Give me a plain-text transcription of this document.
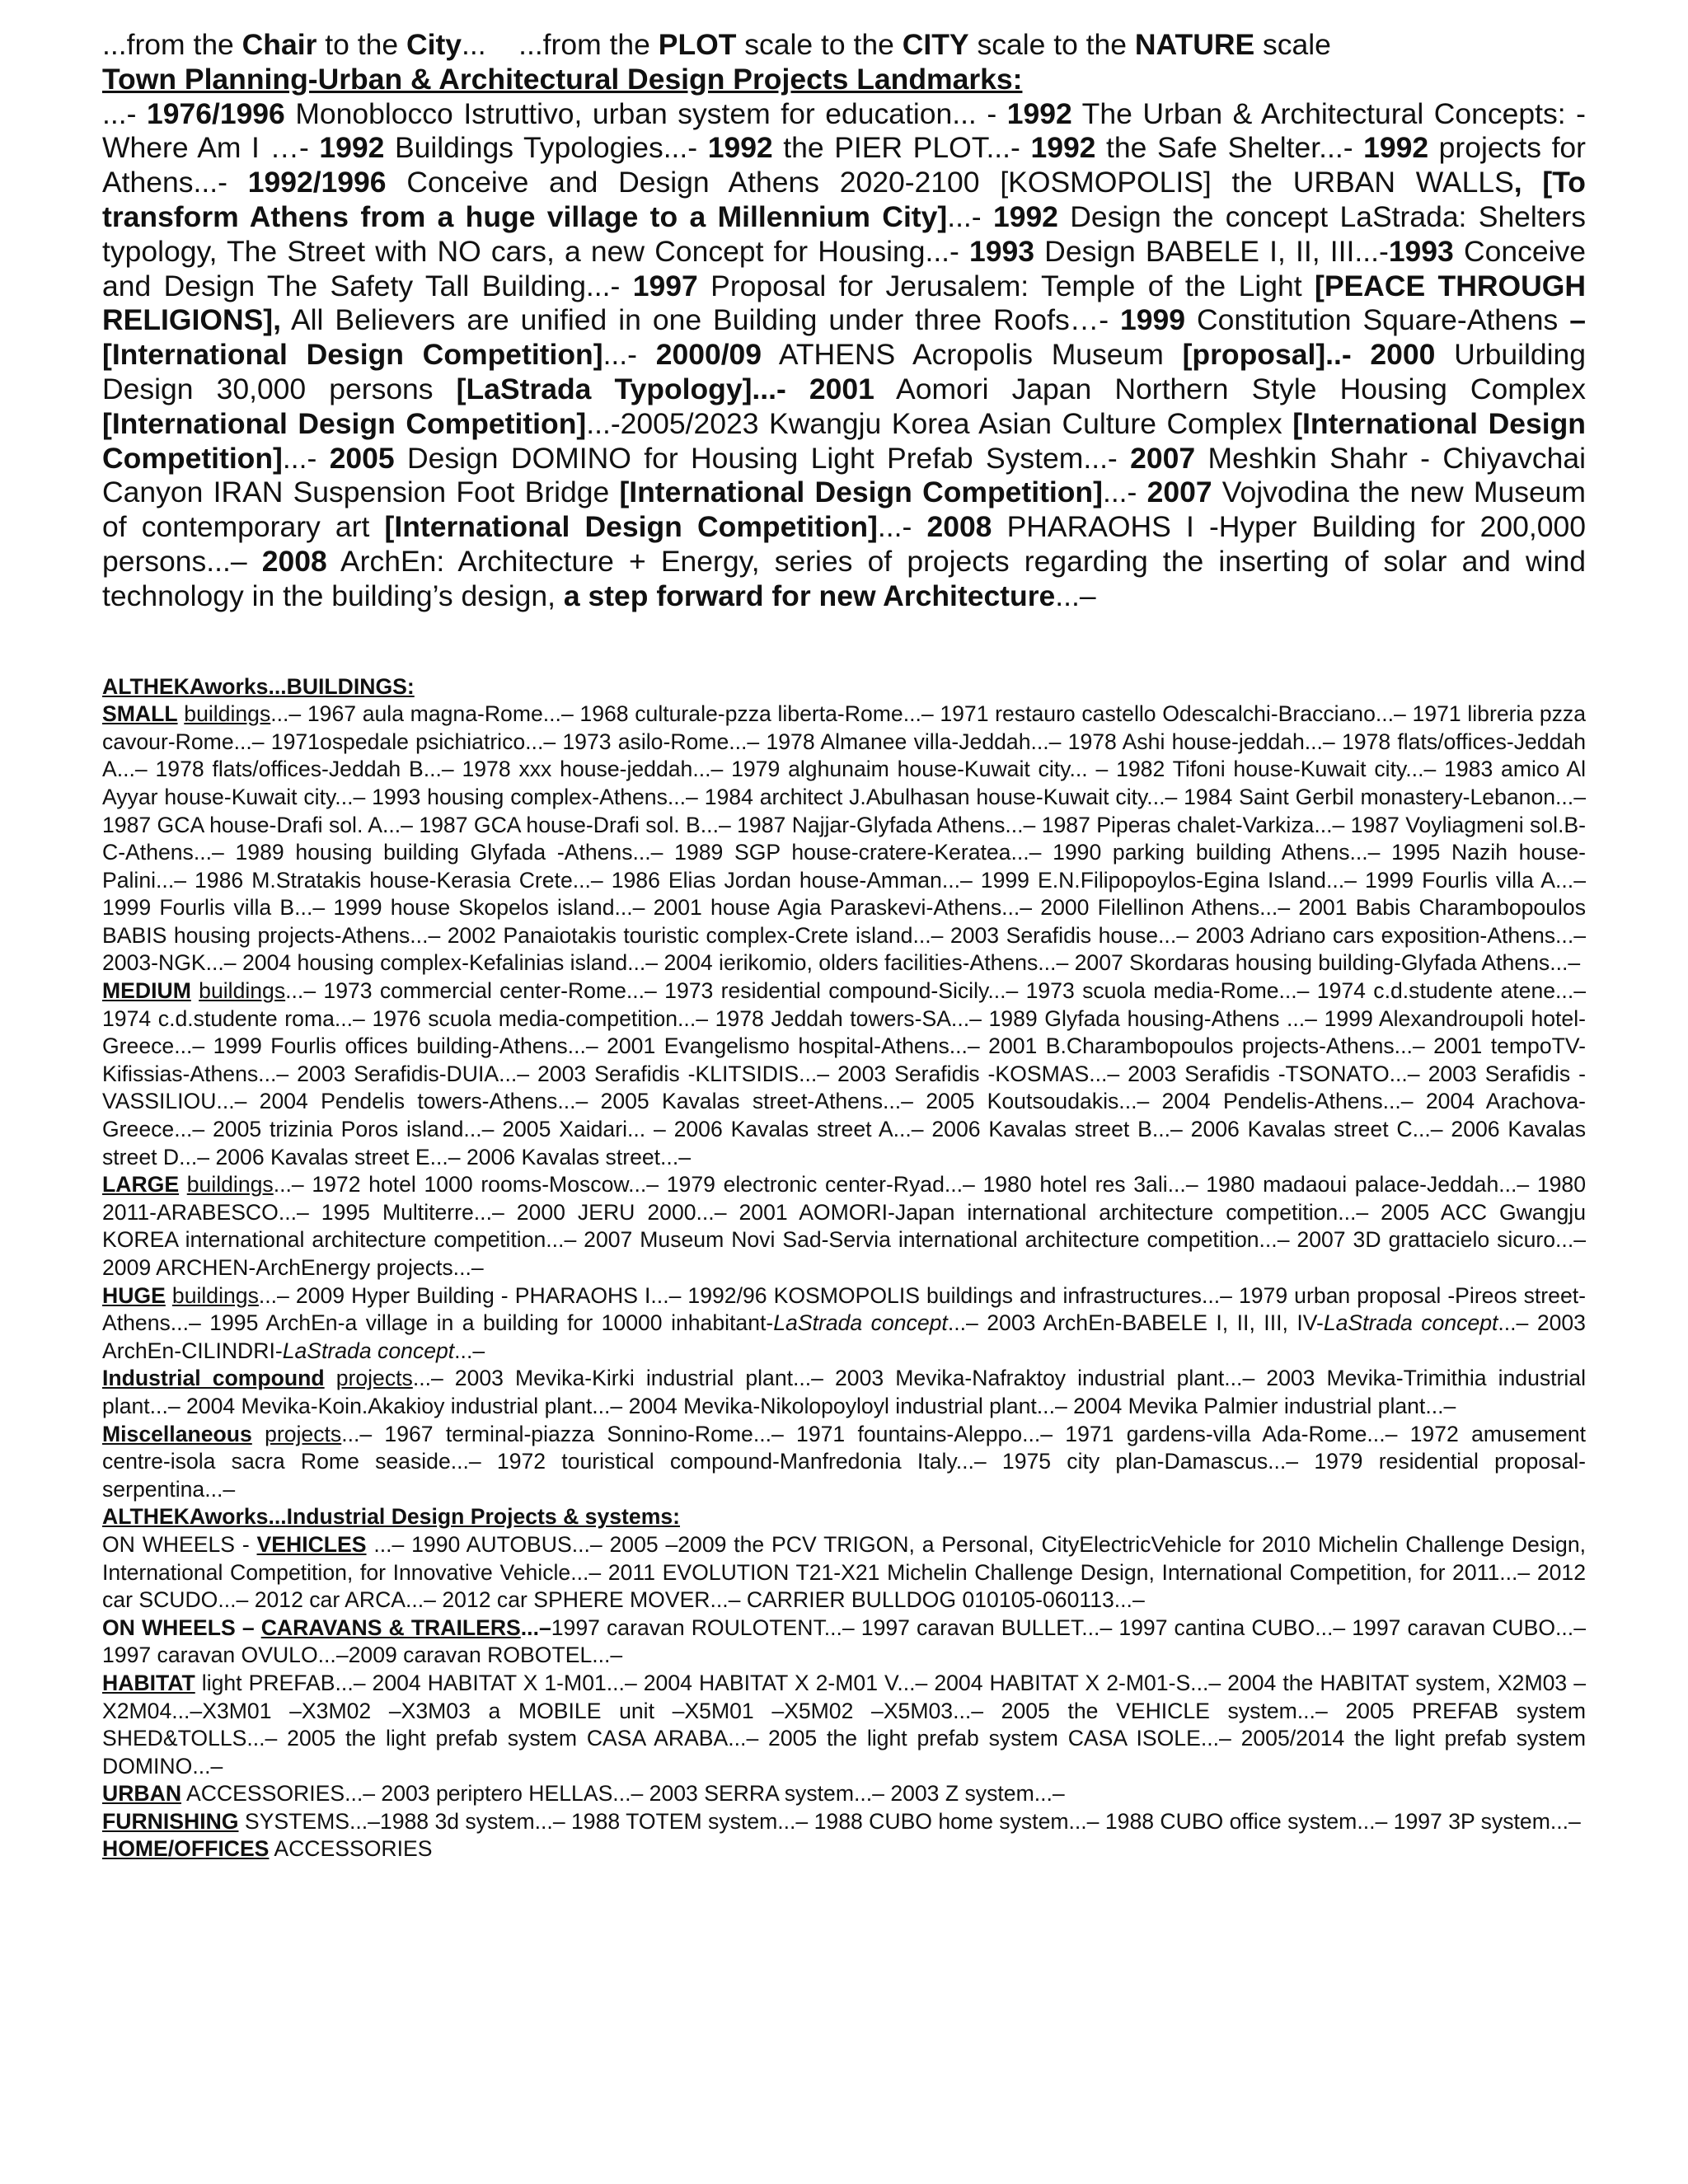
...from the Chair to the City...    ...from the PLOT scale to the CITY scale to the NATURE scale
Town Planning-Urban & Architectural Design Projects Landmarks:
...- 1976/1996 Monoblocco Istruttivo, urban system for education... - 1992 The Urban & Architectural Concepts: - Where Am I …- 1992 Buildings Typologies...- 1992 the PIER PLOT...- 1992 the Safe Shelter...- 1992 projects for Athens...- 1992/1996 Conceive and Design Athens 2020-2100 [KOSMOPOLIS] the URBAN WALLS, [To transform Athens from a huge village to a Millennium City]...- 1992 Design the concept LaStrada: Shelters typology, The Street with NO cars, a new Concept for Housing...- 1993 Design BABELE I, II, III...-1993 Conceive and Design The Safety Tall Building...- 1997 Proposal for Jerusalem: Temple of the Light [PEACE THROUGH RELIGIONS], All Believers are unified in one Building under three Roofs…- 1999 Constitution Square-Athens – [International Design Competition]...- 2000/09 ATHENS Acropolis Museum [proposal]..- 2000 Urbuilding Design 30,000 persons [LaStrada Typology]...- 2001 Aomori Japan Northern Style Housing Complex [International Design Competition]...-2005/2023 Kwangju Korea Asian Culture Complex [International Design Competition]...- 2005 Design DOMINO for Housing Light Prefab System...- 2007 Meshkin Shahr - Chiyavchai Canyon IRAN Suspension Foot Bridge [International Design Competition]...- 2007 Vojvodina the new Museum of contemporary art [International Design Competition]...- 2008 PHARAOHS I -Hyper Building for 200,000 persons...– 2008 ArchEn: Architecture + Energy, series of projects regarding the inserting of solar and wind technology in the building’s design, a step forward for new Architecture...–
ALTHEKAworks...BUILDINGS:
SMALL buildings...– 1967 aula magna-Rome...– 1968 culturale-pzza liberta-Rome...– 1971 restauro castello Odescalchi-Bracciano...– 1971 libreria pzza cavour-Rome...– 1971ospedale psichiatrico...– 1973 asilo-Rome...– 1978 Almanee villa-Jeddah...– 1978 Ashi house-jeddah...– 1978 flats/offices-Jeddah A...– 1978 flats/offices-Jeddah B...– 1978 xxx house-jeddah...– 1979 alghunaim house-Kuwait city... – 1982 Tifoni house-Kuwait city...– 1983 amico Al Ayyar house-Kuwait city...– 1993 housing complex-Athens...– 1984 architect J.Abulhasan house-Kuwait city...– 1984 Saint Gerbil monastery-Lebanon...– 1987 GCA house-Drafi sol. A...– 1987 GCA house-Drafi sol. B...– 1987 Najjar-Glyfada Athens...– 1987 Piperas chalet-Varkiza...– 1987 Voyliagmeni sol.B-C-Athens...– 1989 housing building Glyfada -Athens...– 1989 SGP house-cratere-Keratea...– 1990 parking building Athens...– 1995 Nazih house-Palini...– 1986 M.Stratakis house-Kerasia Crete...– 1986 Elias Jordan house-Amman...– 1999 E.N.Filipopoylos-Egina Island...– 1999 Fourlis villa A...– 1999 Fourlis villa B...– 1999 house Skopelos island...– 2001 house Agia Paraskevi-Athens...– 2000 Filellinon Athens...– 2001 Babis Charambopoulos BABIS housing projects-Athens...– 2002 Panaiotakis touristic complex-Crete island...– 2003 Serafidis house...– 2003 Adriano cars exposition-Athens...– 2003-NGK...– 2004 housing complex-Kefalinias island...– 2004 ierikomio, olders facilities-Athens...– 2007 Skordaras housing building-Glyfada Athens...–
MEDIUM buildings...– 1973 commercial center-Rome...– 1973 residential compound-Sicily...– 1973 scuola media-Rome...– 1974 c.d.studente atene...– 1974 c.d.studente roma...– 1976 scuola media-competition...– 1978 Jeddah towers-SA...– 1989 Glyfada housing-Athens ...– 1999 Alexandroupoli hotel-Greece...– 1999 Fourlis offices building-Athens...– 2001 Evangelismo hospital-Athens...– 2001 B.Charambopoulos projects-Athens...– 2001 tempoTV-Kifissias-Athens...– 2003 Serafidis-DUIA...– 2003 Serafidis -KLITSIDIS...– 2003 Serafidis -KOSMAS...– 2003 Serafidis -TSONATO...– 2003 Serafidis -VASSILIOU...– 2004 Pendelis towers-Athens...– 2005 Kavalas street-Athens...– 2005 Koutsoudakis...– 2004 Pendelis-Athens...– 2004 Arachova-Greece...– 2005 trizinia Poros island...– 2005 Xaidari... – 2006 Kavalas street A...– 2006 Kavalas street B...– 2006 Kavalas street C...– 2006 Kavalas street D...– 2006 Kavalas street E...– 2006 Kavalas street...–
LARGE buildings...– 1972 hotel 1000 rooms-Moscow...– 1979 electronic center-Ryad...– 1980 hotel res 3ali...– 1980 madaoui palace-Jeddah...– 1980 2011-ARABESCO...– 1995 Multiterre...– 2000 JERU 2000...– 2001 AOMORI-Japan international architecture competition...– 2005 ACC Gwangju KOREA international architecture competition...– 2007 Museum Novi Sad-Servia international architecture competition...– 2007 3D grattacielo sicuro...– 2009 ARCHEN-ArchEnergy projects...–
HUGE buildings...– 2009 Hyper Building - PHARAOHS I...– 1992/96 KOSMOPOLIS buildings and infrastructures...– 1979 urban proposal -Pireos street-Athens...– 1995 ArchEn-a village in a building for 10000 inhabitant-LaStrada concept...– 2003 ArchEn-BABELE I, II, III, IV-LaStrada concept...– 2003 ArchEn-CILINDRI-LaStrada concept...–
Industrial compound projects...– 2003 Mevika-Kirki industrial plant...– 2003 Mevika-Nafraktoy industrial plant...– 2003 Mevika-Trimithia industrial plant...– 2004 Mevika-Koin.Akakioy industrial plant...– 2004 Mevika-Nikolopoyloyl industrial plant...– 2004 Mevika Palmier industrial plant...–
Miscellaneous projects...– 1967 terminal-piazza Sonnino-Rome...– 1971 fountains-Aleppo...– 1971 gardens-villa Ada-Rome...– 1972 amusement centre-isola sacra Rome seaside...– 1972 touristical compound-Manfredonia Italy...– 1975 city plan-Damascus...– 1979 residential proposal-serpentina...–
ALTHEKAworks...Industrial Design Projects & systems:
ON WHEELS - VEHICLES ...– 1990 AUTOBUS...– 2005 –2009 the PCV TRIGON, a Personal, CityElectricVehicle for 2010 Michelin Challenge Design, International Competition, for Innovative Vehicle...– 2011 EVOLUTION T21-X21 Michelin Challenge Design, International Competition, for 2011...– 2012 car SCUDO...– 2012 car ARCA...– 2012 car SPHERE MOVER...– CARRIER BULLDOG 010105-060113...–
ON WHEELS – CARAVANS & TRAILERS...–1997 caravan ROULOTENT...– 1997 caravan BULLET...– 1997 cantina CUBO...– 1997 caravan CUBO...– 1997 caravan OVULO...–2009 caravan ROBOTEL...–
HABITAT light PREFAB...– 2004 HABITAT X 1-M01...– 2004 HABITAT X 2-M01 V...– 2004 HABITAT X 2-M01-S...– 2004 the HABITAT system, X2M03 –X2M04...–X3M01 –X3M02 –X3M03 a MOBILE unit –X5M01 –X5M02 –X5M03...– 2005 the VEHICLE system...– 2005 PREFAB system SHED&TOLLS...– 2005 the light prefab system CASA ARABA...– 2005 the light prefab system CASA ISOLE...– 2005/2014 the light prefab system DOMINO...–
URBAN ACCESSORIES...– 2003 periptero HELLAS...– 2003 SERRA system...– 2003 Z system...–
FURNISHING SYSTEMS...–1988 3d system...– 1988 TOTEM system...– 1988 CUBO home system...– 1988 CUBO office system...– 1997 3P system...–
HOME/OFFICES ACCESSORIES
